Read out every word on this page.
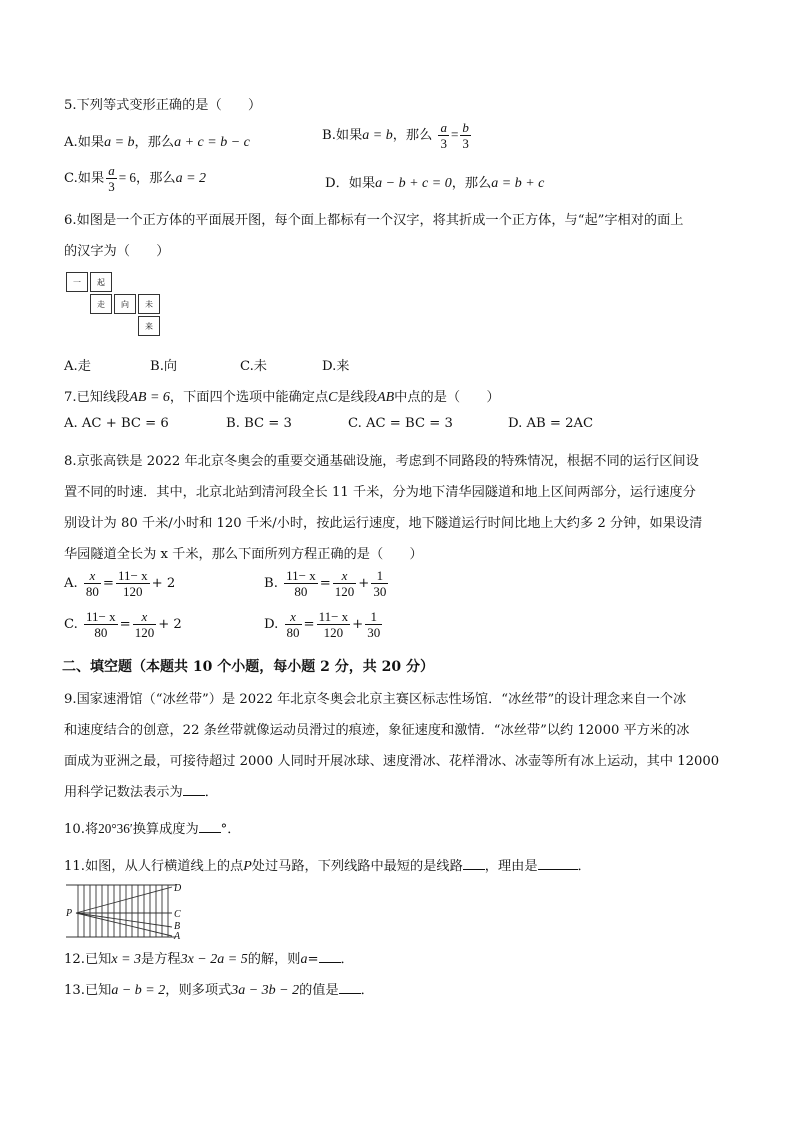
5.下列等式变形正确的是（　　）
A.如果a = b，那么a + c = b − c	B.如果a = b，那么 $\frac{a}{3} = \frac{b}{3}$
C.如果 $\frac{a}{3} = 6$，那么a = 2	D．如果a − b + c = 0，那么a = b + c
6.如图是一个正方体的平面展开图，每个面上都标有一个汉字，将其折成一个正方体，与“起”字相对的面上
的汉字为（　　）
一	起
走	向	未
来
A.走	B.向	C.未	D.来
7.已知线段AB = 6，下面四个选项中能确定点C是线段AB中点的是（　　）
A. AC + BC = 6	B. BC = 3	C. AC = BC = 3	D. AB = 2AC
8.京张高铁是 2022 年北京冬奥会的重要交通基础设施，考虑到不同路段的特殊情况，根据不同的运行区间设
置不同的时速．其中，北京北站到清河段全长 11 千米，分为地下清华园隧道和地上区间两部分，运行速度分
别设计为 80 千米/小时和 120 千米/小时，按此运行速度，地下隧道运行时间比地上大约多 2 分钟，如果设清
华园隧道全长为 x 千米，那么下面所列方程正确的是（　　）
A. $\frac{x}{80} = \frac{11- x}{120} + 2$	B. $\frac{11- x}{80} = \frac{x}{120} + \frac{1}{30}$
C. $\frac{11- x}{80} = \frac{x}{120} + 2$	D. $\frac{x}{80} = \frac{11- x}{120} + \frac{1}{30}$
二、填空题（本题共 10 个小题，每小题 2 分，共 20 分）
9.国家速滑馆（“冰丝带”）是 2022 年北京冬奥会北京主赛区标志性场馆．“冰丝带”的设计理念来自一个冰
和速度结合的创意，22 条丝带就像运动员滑过的痕迹，象征速度和激情．“冰丝带”以约 12000 平方米的冰
面成为亚洲之最，可接待超过 2000 人同时开展冰球、速度滑冰、花样滑冰、冰壶等所有冰上运动，其中 12000
用科学记数法表示为 ．
10.将20°36′换算成度为 °．
11.如图，从人行横道线上的点P处过马路，下列线路中最短的是线路 ，理由是	．
P
D
C
B
A
12.已知x = 3是方程3x − 2a = 5的解，则a= ．
13.已知a − b = 2，则多项式3a − 3b − 2的值是 ．
